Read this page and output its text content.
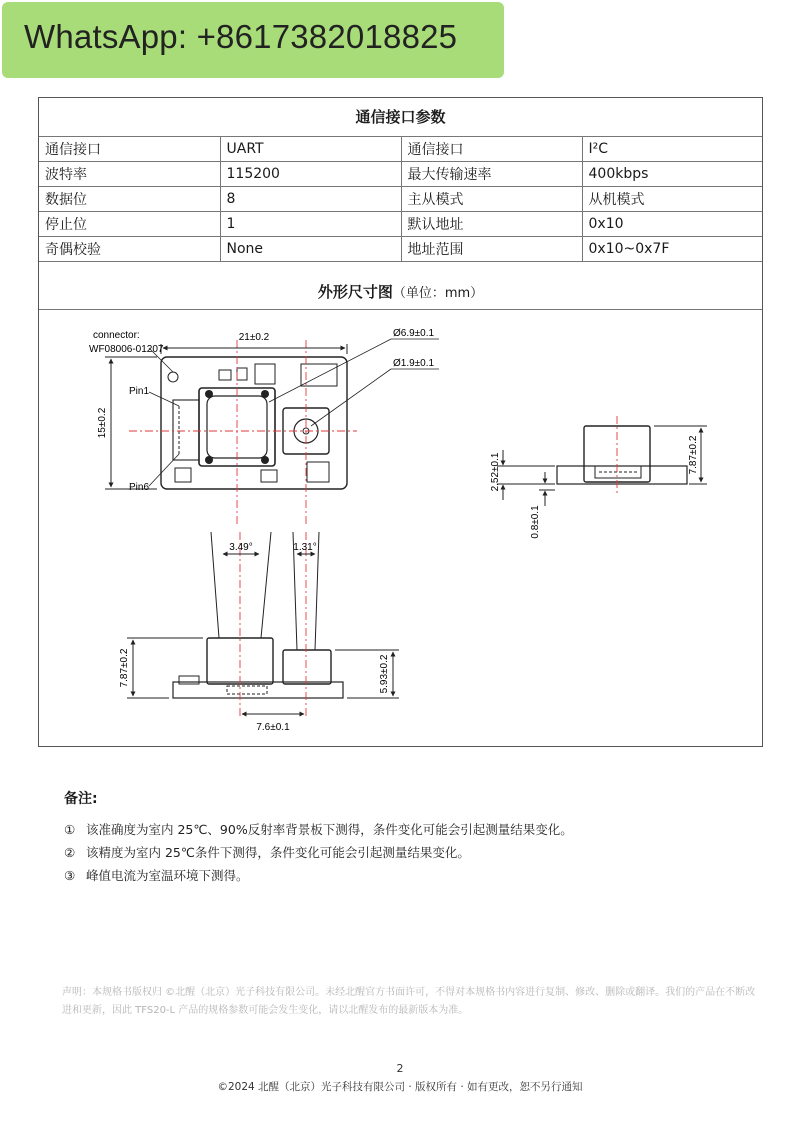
WhatsApp: +8617382018825
通信接口参数			
通信接口	UART	通信接口	I²C
波特率	115200	最大传输速率	400kbps
数据位	8	主从模式	从机模式
停止位	1	默认地址	0x10
奇偶校验	None	地址范围	0x10~0x7F
外形尺寸图（单位：mm）
21±0.2
15±0.2
connector:
WF08006-01207
Pin1
Pin6
Ø6.9±0.1
Ø1.9±0.1
7.87±0.2
2.52±0.1
0.8±0.1
3.49°	1.31°
7.87±0.2	5.93±0.2
7.6±0.1
备注:
① 该准确度为室内 25℃、90%反射率背景板下测得，条件变化可能会引起测量结果变化。
② 该精度为室内 25℃条件下测得，条件变化可能会引起测量结果变化。
③ 峰值电流为室温环境下测得。
声明：本规格书版权归 ©北醒（北京）光子科技有限公司。未经北醒官方书面许可，不得对本规格书内容进行复制、修改、删除或翻译。我们的产品在不断改进和更新，因此 TFS20-L 产品的规格参数可能会发生变化，请以北醒发布的最新版本为准。
2
©2024 北醒（北京）光子科技有限公司 · 版权所有 · 如有更改，恕不另行通知
